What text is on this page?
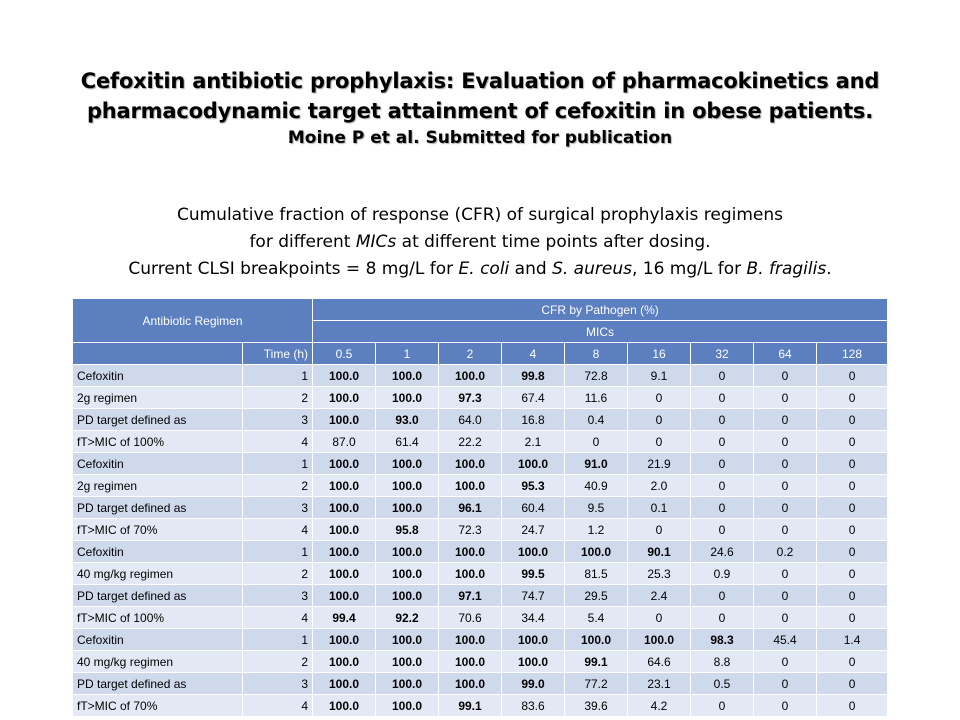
Cefoxitin antibiotic prophylaxis: Evaluation of pharmacokinetics and
pharmacodynamic target attainment of cefoxitin in obese patients.
Moine P et al. Submitted for publication
Cumulative fraction of response (CFR) of surgical prophylaxis regimens
for different MICs at different time points after dosing.
Current CLSI breakpoints = 8 mg/L for E. coli and S. aureus, 16 mg/L for B. fragilis.
Antibiotic Regimen		CFR by Pathogen (%)								
		MICs								
	Time (h)	0.5	1	2	4	8	16	32	64	128
Cefoxitin	1	100.0	100.0	100.0	99.8	72.8	9.1	0	0	0
2g regimen	2	100.0	100.0	97.3	67.4	11.6	0	0	0	0
PD target defined as	3	100.0	93.0	64.0	16.8	0.4	0	0	0	0
fT>MIC of 100%	4	87.0	61.4	22.2	2.1	0	0	0	0	0
Cefoxitin	1	100.0	100.0	100.0	100.0	91.0	21.9	0	0	0
2g regimen	2	100.0	100.0	100.0	95.3	40.9	2.0	0	0	0
PD target defined as	3	100.0	100.0	96.1	60.4	9.5	0.1	0	0	0
fT>MIC of 70%	4	100.0	95.8	72.3	24.7	1.2	0	0	0	0
Cefoxitin	1	100.0	100.0	100.0	100.0	100.0	90.1	24.6	0.2	0
40 mg/kg regimen	2	100.0	100.0	100.0	99.5	81.5	25.3	0.9	0	0
PD target defined as	3	100.0	100.0	97.1	74.7	29.5	2.4	0	0	0
fT>MIC of 100%	4	99.4	92.2	70.6	34.4	5.4	0	0	0	0
Cefoxitin	1	100.0	100.0	100.0	100.0	100.0	100.0	98.3	45.4	1.4
40 mg/kg regimen	2	100.0	100.0	100.0	100.0	99.1	64.6	8.8	0	0
PD target defined as	3	100.0	100.0	100.0	99.0	77.2	23.1	0.5	0	0
fT>MIC of 70%	4	100.0	100.0	99.1	83.6	39.6	4.2	0	0	0
